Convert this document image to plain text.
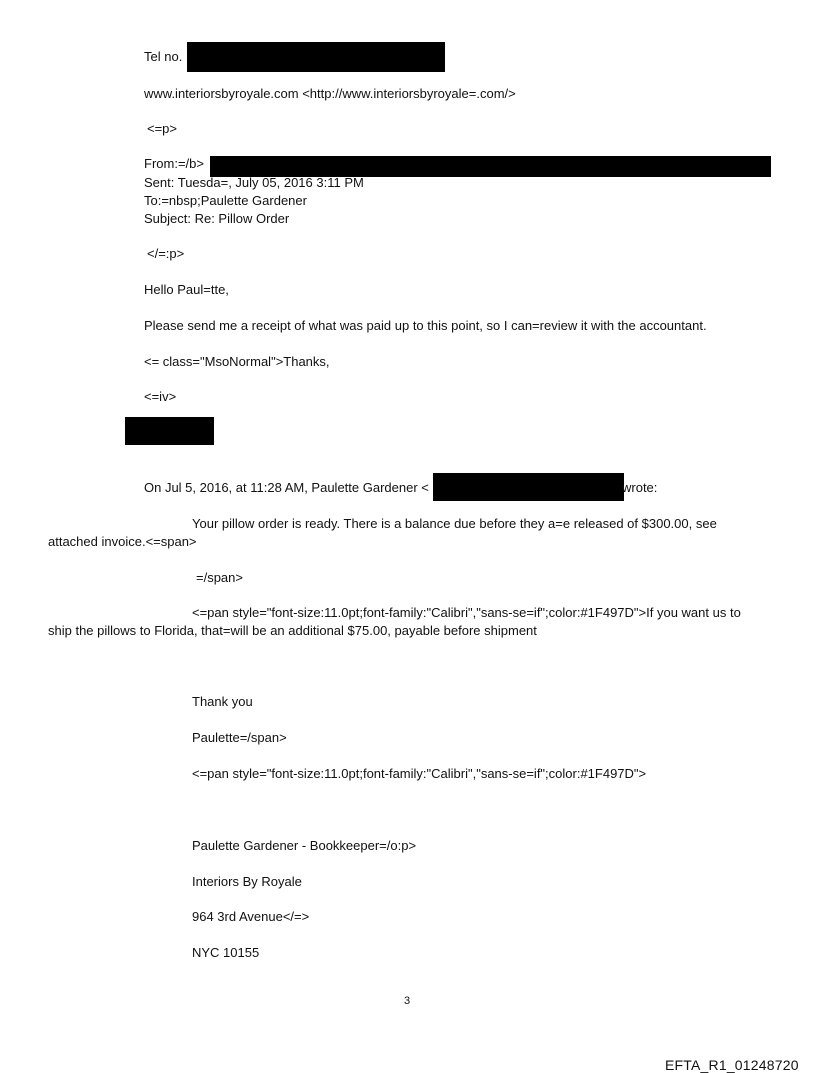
Tel no.
www.interiorsbyroyale.com <http://www.interiorsbyroyale=.com/>
<=p>
From:=/b>
Sent: Tuesda=, July 05, 2016 3:11 PM
To:=nbsp;Paulette Gardener
Subject: Re: Pillow Order
</=:p>
Hello Paul=tte,
Please send me a receipt of what was paid up to this point, so I can=review it with the accountant.
<= class="MsoNormal">Thanks,
<=iv>
On Jul 5, 2016, at 11:28 AM, Paulette Gardener <	wrote:
Your pillow order is ready. There is a balance due before they a=e released of $300.00, see attached invoice.<=span>
=/span>
<=pan style="font-size:11.0pt;font-family:"Calibri","sans-se=if";color:#1F497D">If you want us to ship the pillows to Florida, that=will be an additional $75.00, payable before shipment
Thank you
Paulette=/span>
<=pan style="font-size:11.0pt;font-family:"Calibri","sans-se=if";color:#1F497D">
Paulette Gardener - Bookkeeper=/o:p>
Interiors By Royale
964 3rd Avenue</=>
NYC 10155
3
EFTA_R1_01248720
